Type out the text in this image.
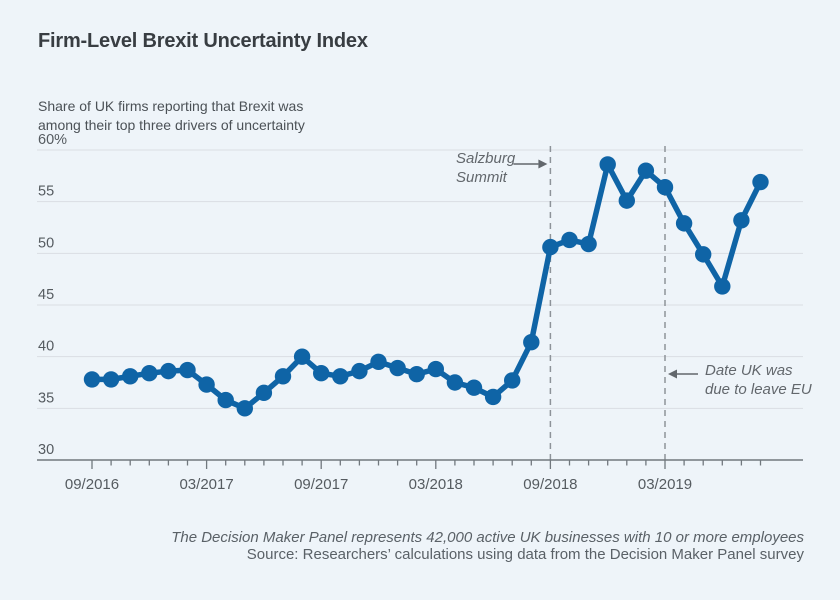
Firm-Level Brexit Uncertainty Index
Share of UK firms reporting that Brexit was
among their top three drivers of uncertainty
09/2016	03/2017	09/2017	03/2018	09/2018	03/2019
30
35
40
45
50
55
60%
Salzburg
Summit
Date UK was
due to leave EU
The Decision Maker Panel represents 42,000 active UK businesses with 10 or more employees
Source: Researchers’ calculations using data from the Decision Maker Panel survey
